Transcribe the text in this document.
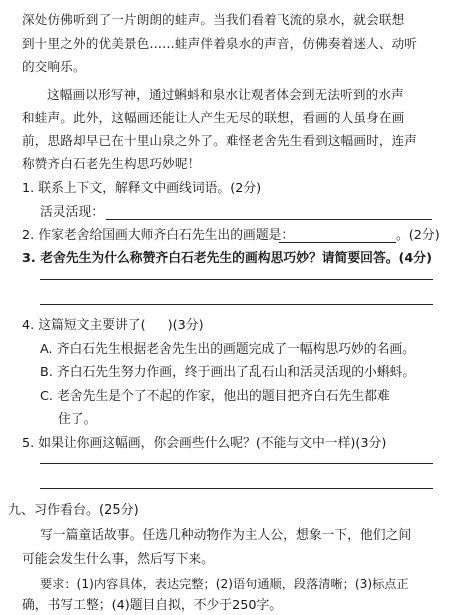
深处仿佛听到了一片朗朗的蛙声。当我们看着飞流的泉水，就会联想
到十里之外的优美景色……蛙声伴着泉水的声音，仿佛奏着迷人、动听
的交响乐。
这幅画以形写神，通过蝌蚪和泉水让观者体会到无法听到的水声
和蛙声。此外，这幅画还能让人产生无尽的联想，看画的人虽身在画
前，思路却早已在十里山泉之外了。难怪老舍先生看到这幅画时，连声
称赞齐白石老先生构思巧妙呢！
1. 联系上下文，解释文中画线词语。(2分)
活灵活现：
2. 作家老舍给国画大师齐白石先生出的画题是：	。(2分)
3. 老舍先生为什么称赞齐白石老先生的画构思巧妙？请简要回答。(4分)
4. 这篇短文主要讲了( )(3分)
A. 齐白石先生根据老舍先生出的画题完成了一幅构思巧妙的名画。
B. 齐白石先生努力作画，终于画出了乱石山和活灵活现的小蝌蚪。
C. 老舍先生是个了不起的作家，他出的题目把齐白石先生都难
住了。
5. 如果让你画这幅画，你会画些什么呢？(不能与文中一样)(3分)
九、习作看台。(25分)
写一篇童话故事。任选几种动物作为主人公，想象一下，他们之间
可能会发生什么事，然后写下来。
要求：(1)内容具体，表达完整；(2)语句通顺，段落清晰；(3)标点正
确，书写工整；(4)题目自拟，不少于250字。
